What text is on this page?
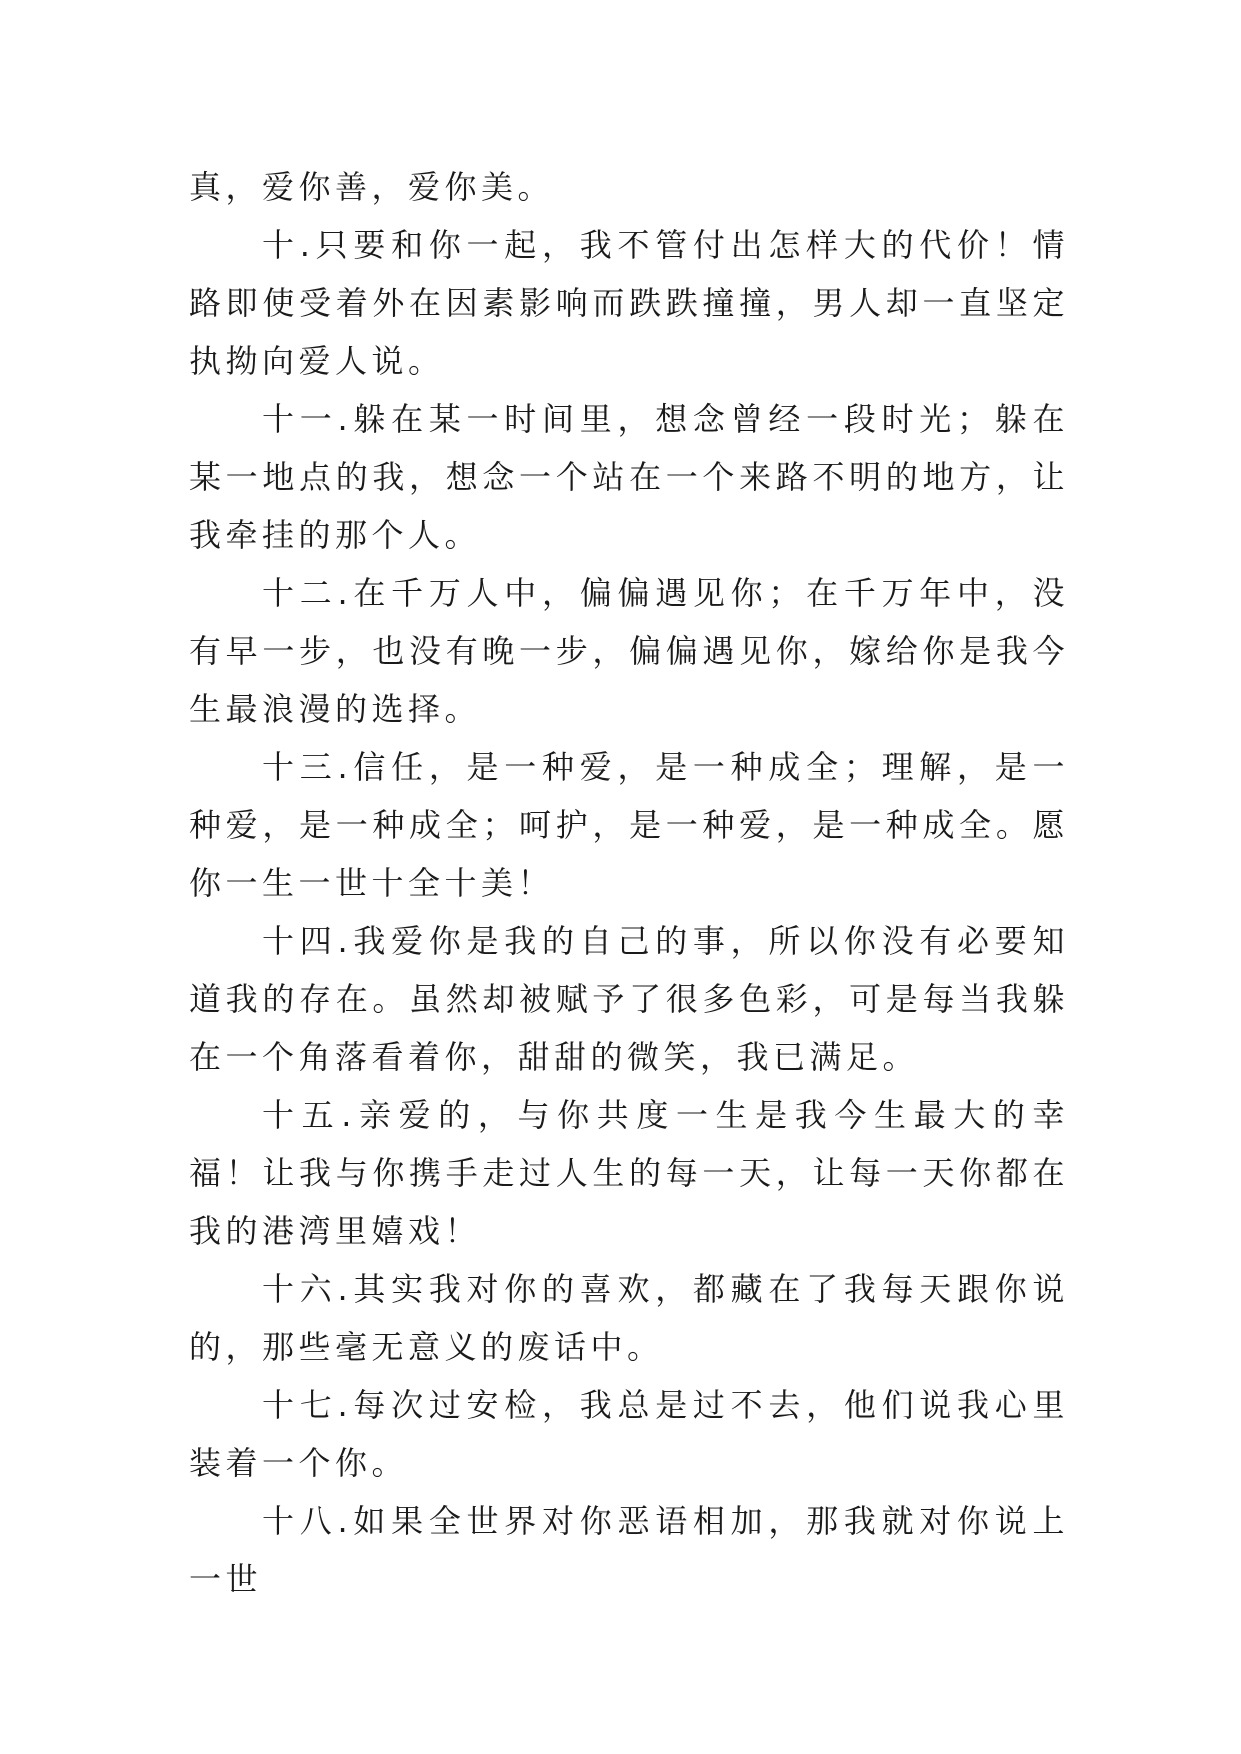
真，爱你善，爱你美。

十.只要和你一起，我不管付出怎样大的代价！情路即使受着外在因素影响而跌跌撞撞，男人却一直坚定执拗向爱人说。

十一.躲在某一时间里，想念曾经一段时光；躲在某一地点的我，想念一个站在一个来路不明的地方，让我牵挂的那个人。

十二.在千万人中，偏偏遇见你；在千万年中，没有早一步，也没有晚一步，偏偏遇见你，嫁给你是我今生最浪漫的选择。

十三.信任，是一种爱，是一种成全；理解，是一种爱，是一种成全；呵护，是一种爱，是一种成全。愿你一生一世十全十美！

十四.我爱你是我的自己的事，所以你没有必要知道我的存在。虽然却被赋予了很多色彩，可是每当我躲在一个角落看着你，甜甜的微笑，我已满足。

十五.亲爱的，与你共度一生是我今生最大的幸福！让我与你携手走过人生的每一天，让每一天你都在我的港湾里嬉戏！

十六.其实我对你的喜欢，都藏在了我每天跟你说的，那些毫无意义的废话中。

十七.每次过安检，我总是过不去，他们说我心里装着一个你。

十八.如果全世界对你恶语相加，那我就对你说上一世
